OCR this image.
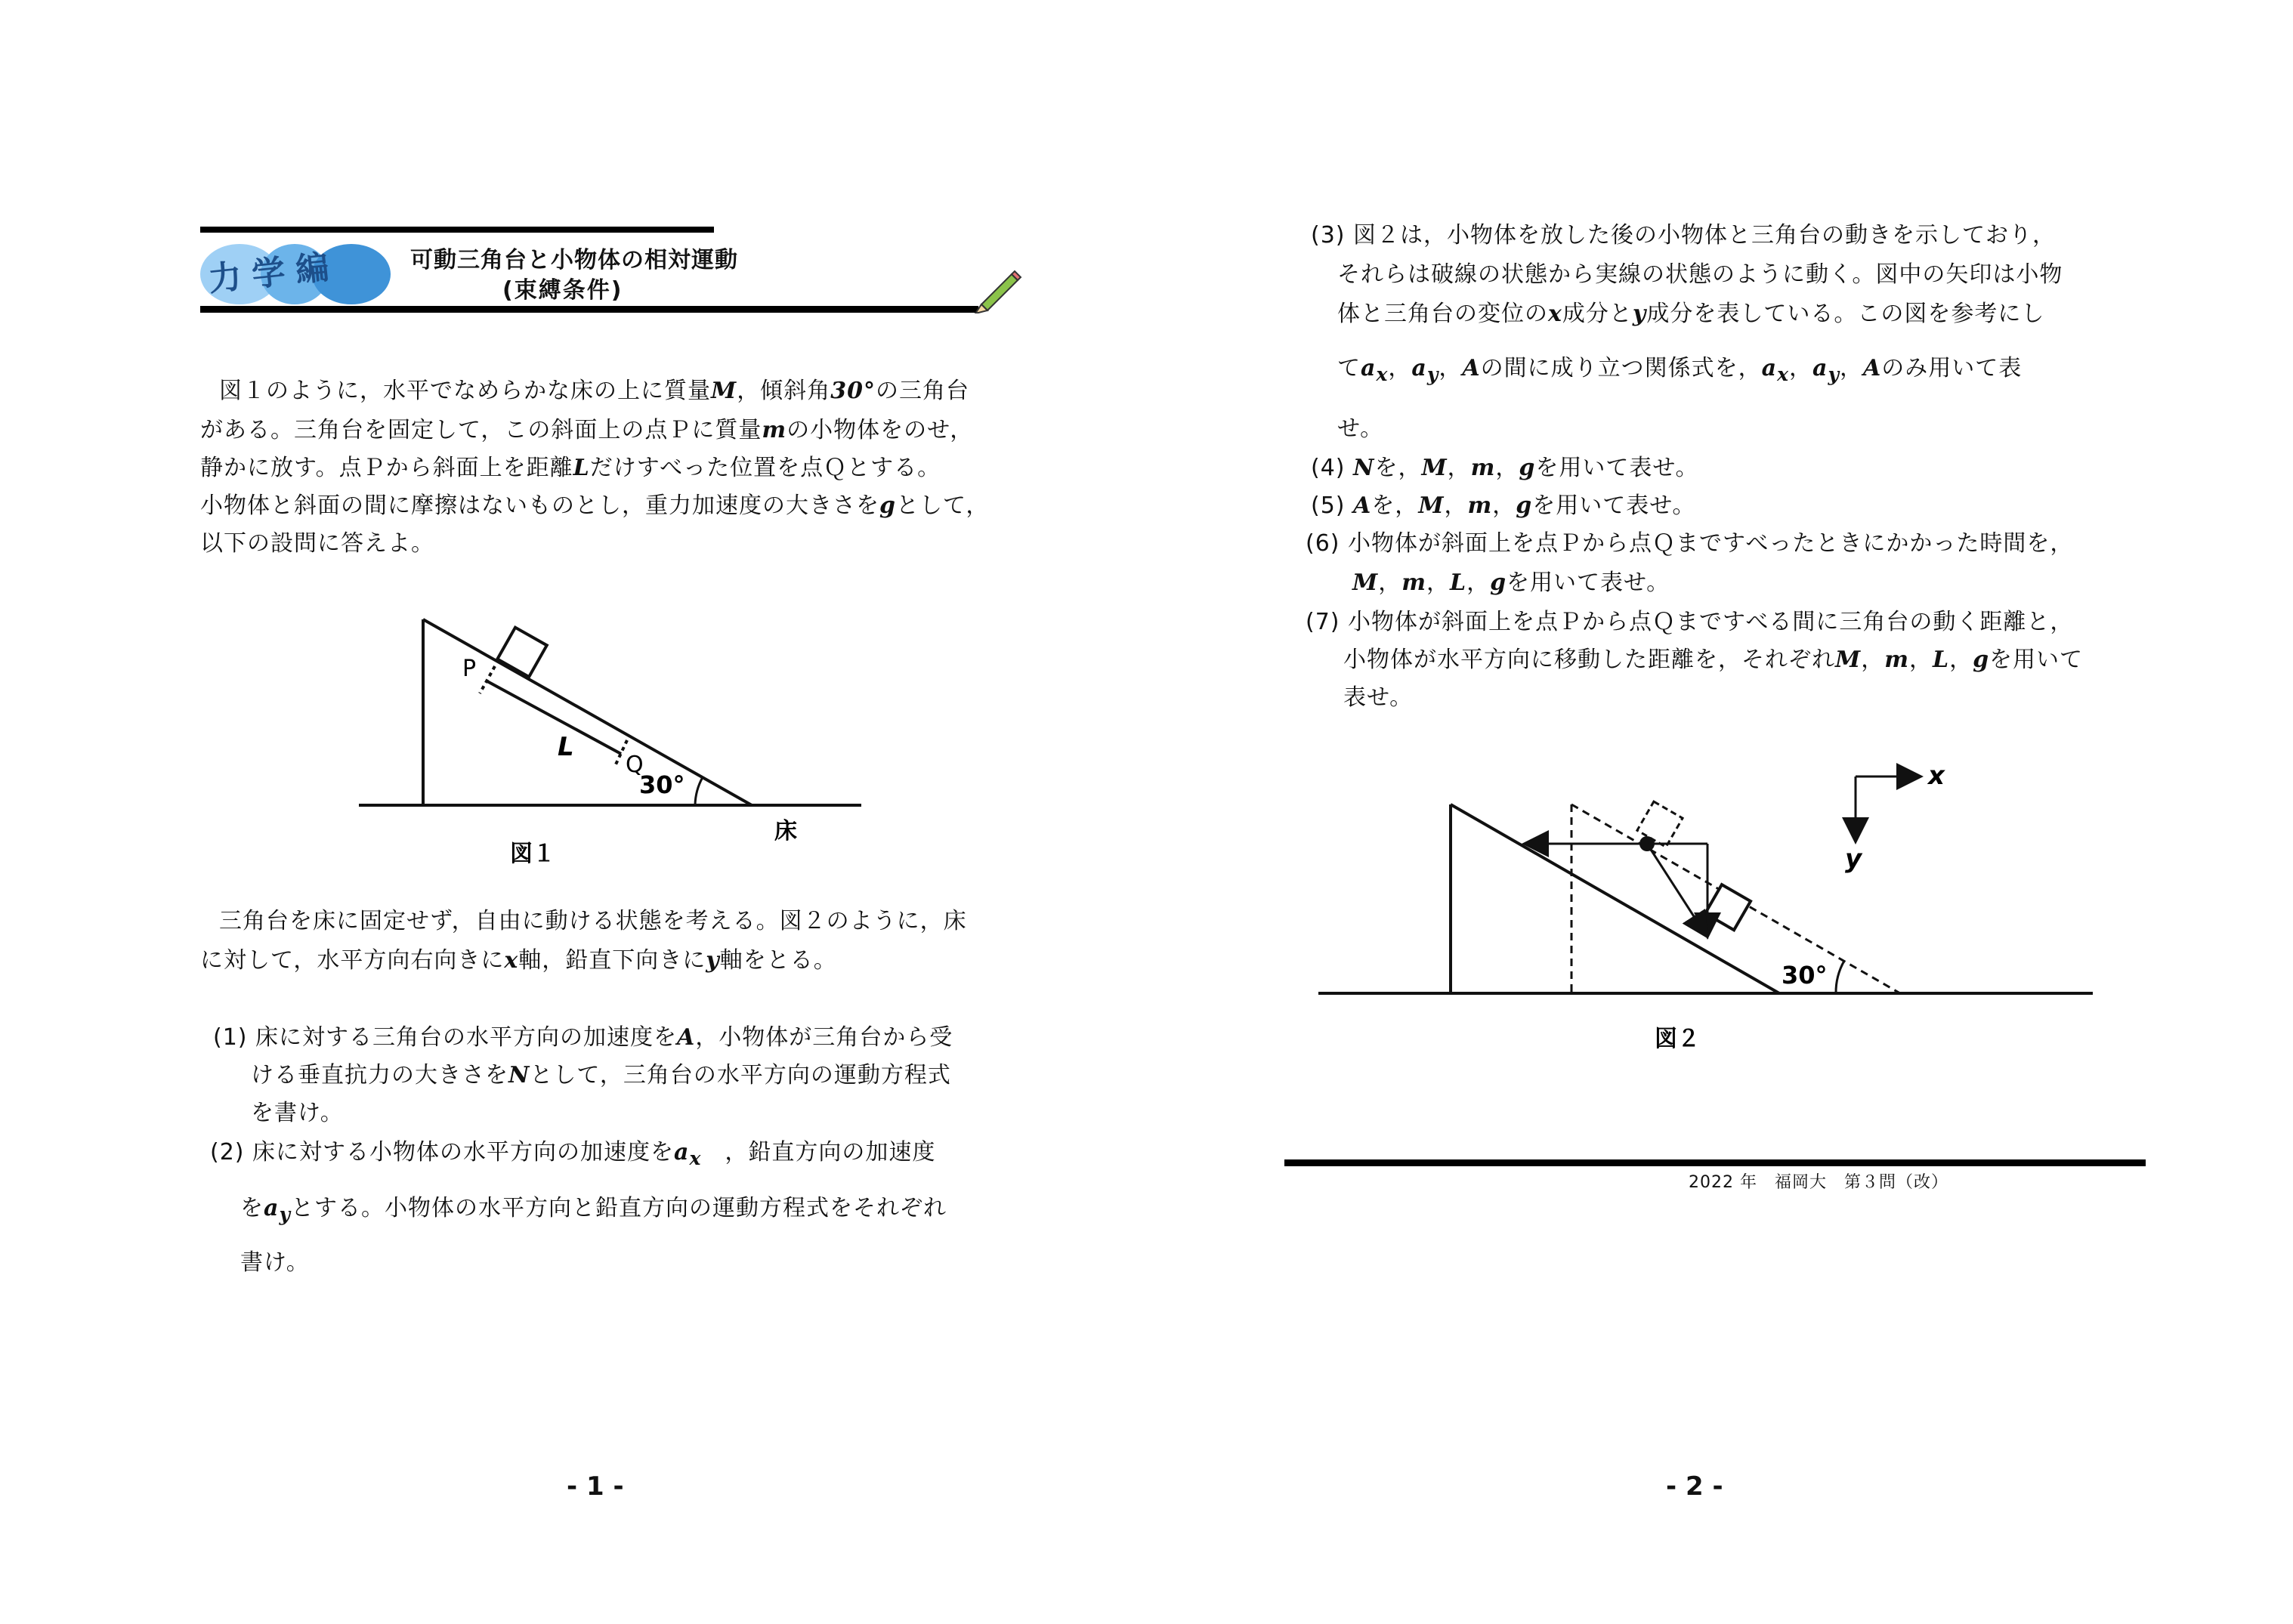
力学編	可動三角台と小物体の相対運動
(束縛条件)
図１のように，水平でなめらかな床の上に質量M，傾斜角30°の三角台
がある。三角台を固定して，この斜面上の点Ｐに質量mの小物体をのせ，
静かに放す。点Ｐから斜面上を距離Lだけすべった位置を点Ｑとする。
小物体と斜面の間に摩擦はないものとし，重力加速度の大きさをgとして，
以下の設問に答えよ。
P
Q
L
30°
床
図１
三角台を床に固定せず，自由に動ける状態を考える。図２のように，床
に対して，水平方向右向きにx軸，鉛直下向きにy軸をとる。
(1) 床に対する三角台の水平方向の加速度をA，小物体が三角台から受
ける垂直抗力の大きさをNとして，三角台の水平方向の運動方程式
を書け。
(2) 床に対する小物体の水平方向の加速度を$a_x$　，鉛直方向の加速度
を$a_y$とする。小物体の水平方向と鉛直方向の運動方程式をそれぞれ
書け。
- 1 -
(3) 図２は，小物体を放した後の小物体と三角台の動きを示しており，
それらは破線の状態から実線の状態のように動く。図中の矢印は小物
体と三角台の変位のx成分とy成分を表している。この図を参考にし
て$a_x$，$a_y$，Aの間に成り立つ関係式を，$a_x$，$a_y$，Aのみ用いて表
せ。
(4) Nを，M，m，gを用いて表せ。
(5) Aを，M，m，gを用いて表せ。
(6) 小物体が斜面上を点Ｐから点Ｑまですべったときにかかった時間を，
M，m，L，gを用いて表せ。
(7) 小物体が斜面上を点Ｐから点Ｑまですべる間に三角台の動く距離と，
小物体が水平方向に移動した距離を，それぞれM，m，L，gを用いて
表せ。
30°
x
y
図２
2022 年　福岡大　第３問（改）
- 2 -
